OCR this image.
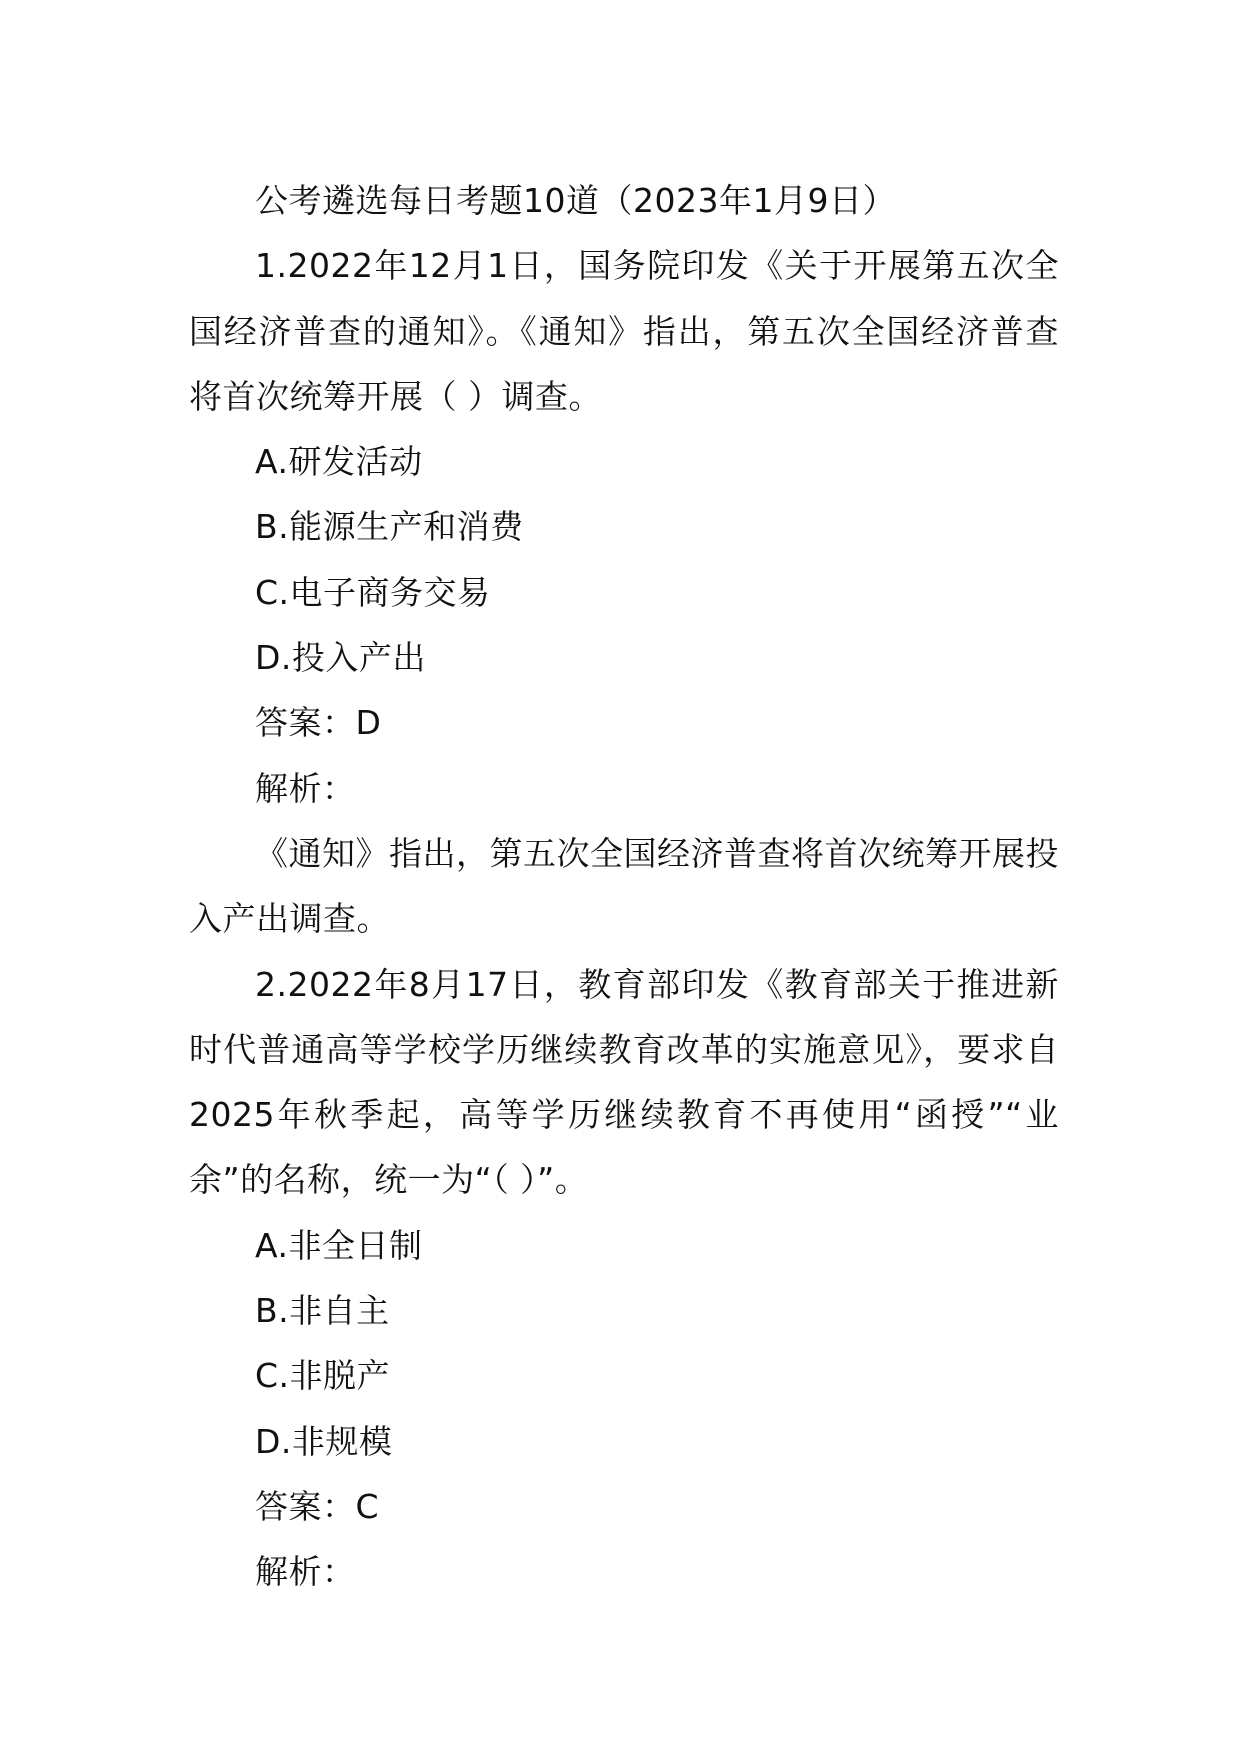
公考遴选每日考题10道（2023年1月9日）

1.2022年12月1日，国务院印发《关于开展第五次全国经济普查的通知》。《通知》指出，第五次全国经济普查将首次统筹开展（ ）调查。

A.研发活动

B.能源生产和消费

C.电子商务交易

D.投入产出

答案：D

解析：

《通知》指出，第五次全国经济普查将首次统筹开展投入产出调查。

2.2022年8月17日，教育部印发《教育部关于推进新时代普通高等学校学历继续教育改革的实施意见》，要求自2025年秋季起，高等学历继续教育不再使用“函授”“业余”的名称，统一为“（ ）”。

A.非全日制

B.非自主

C.非脱产

D.非规模

答案：C

解析：
